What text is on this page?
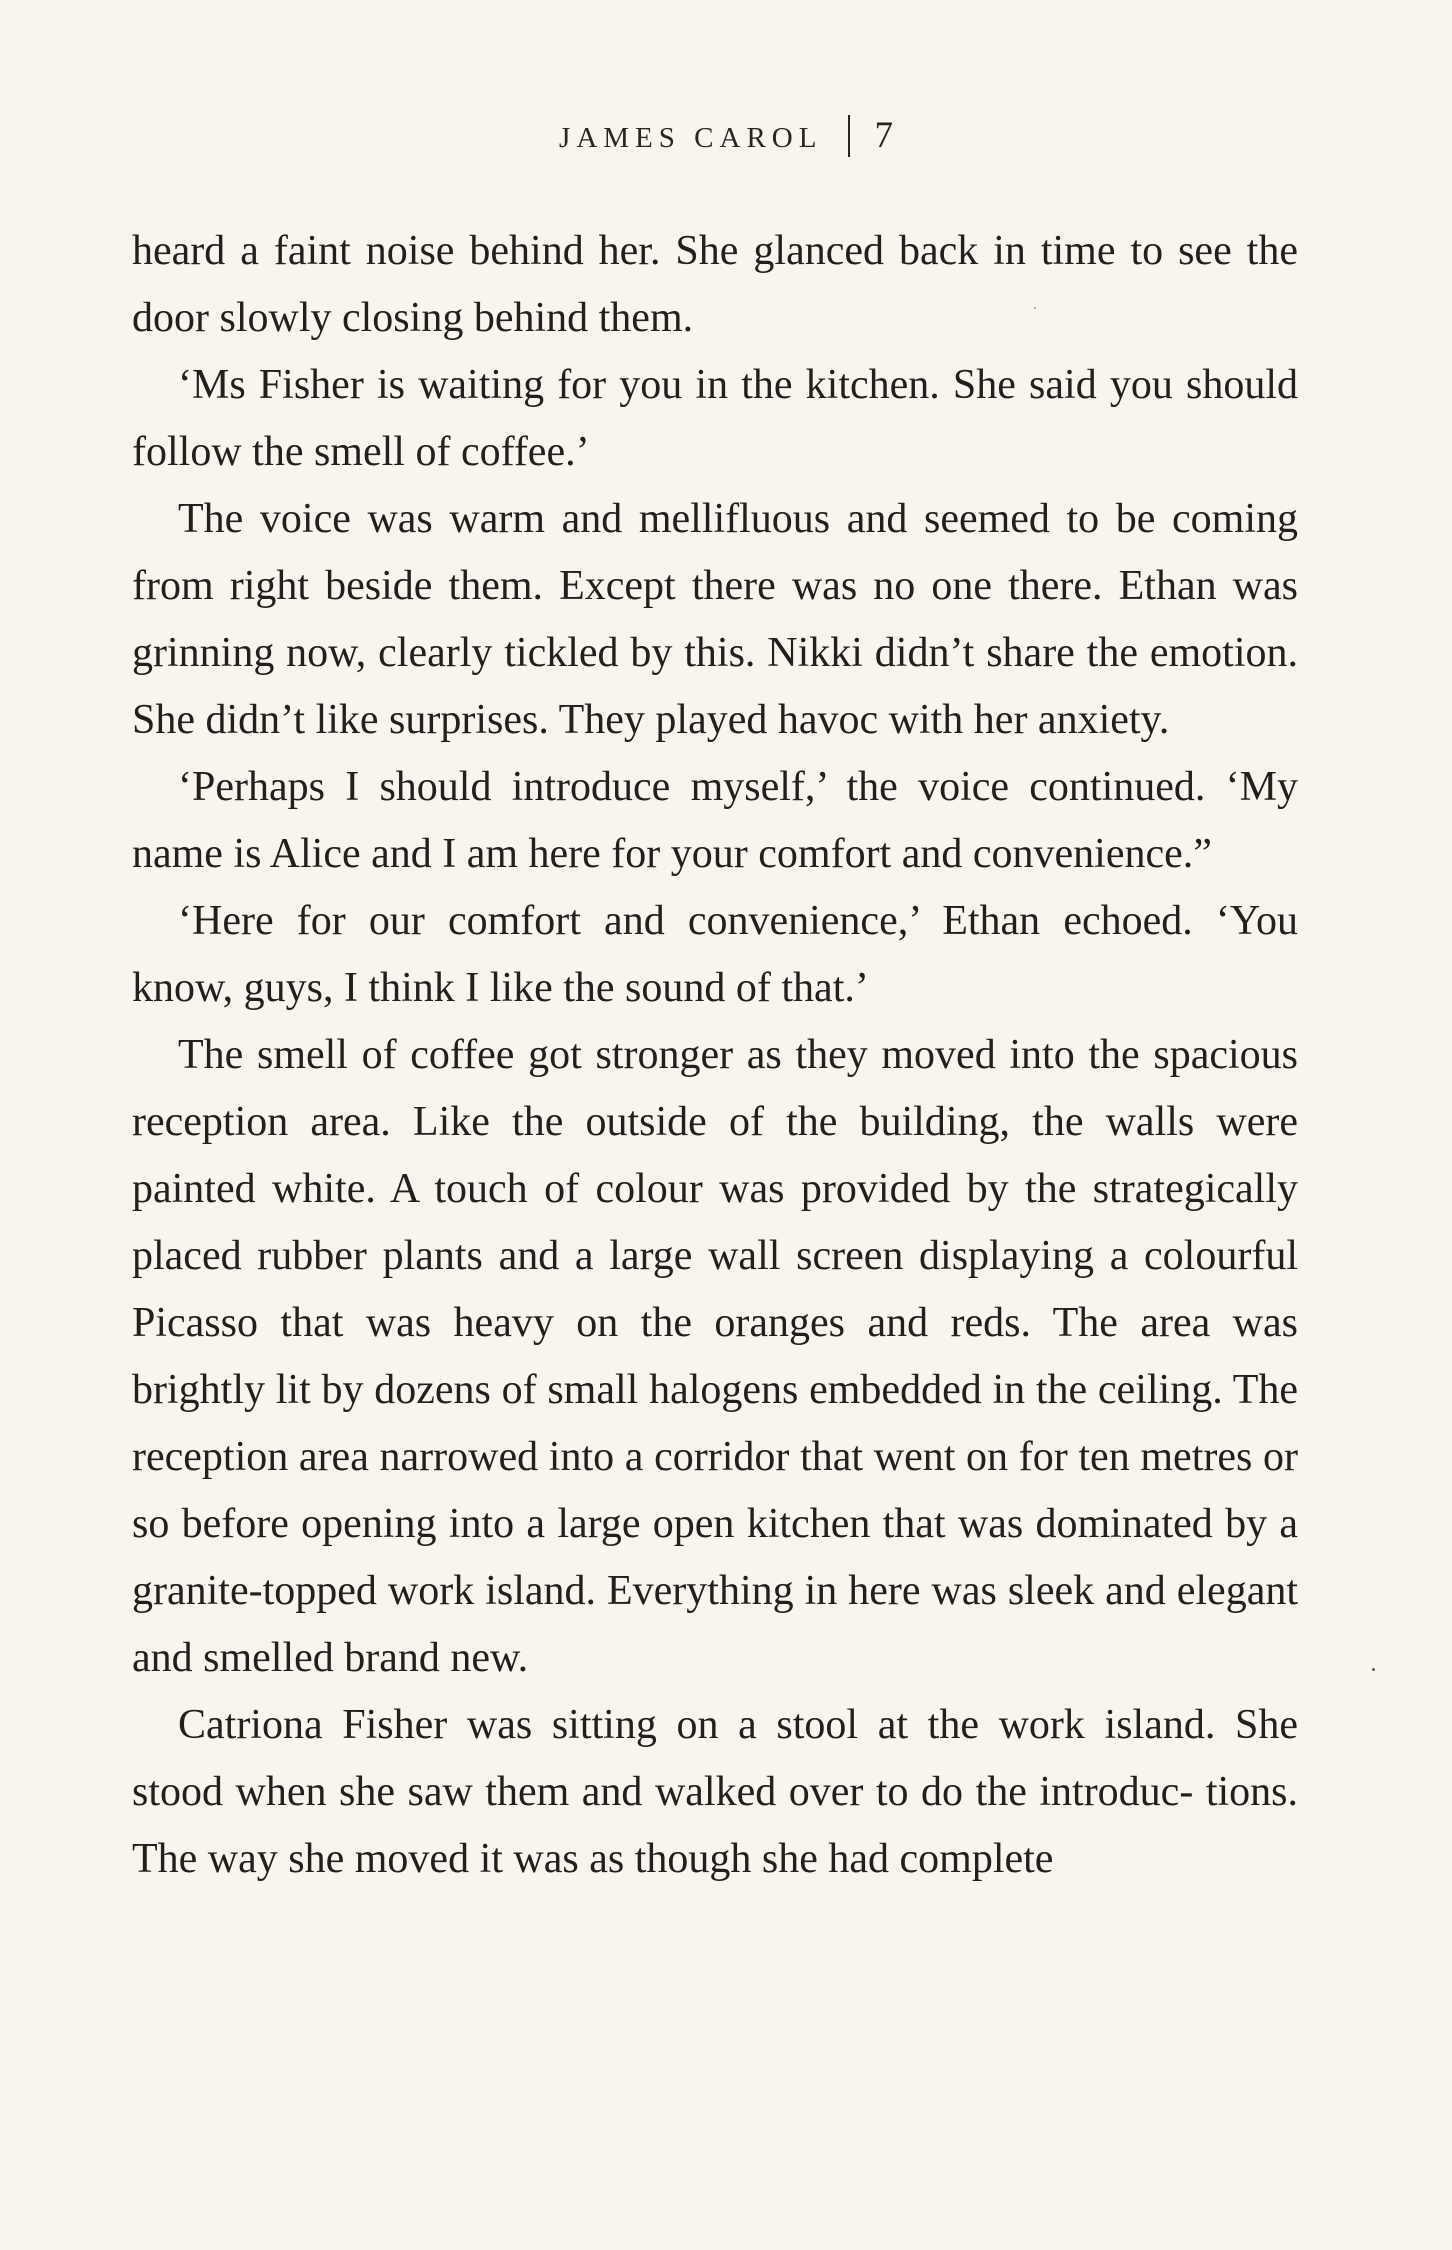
JAMES CAROL 7

heard a faint noise behind her. She glanced back in time to see the door slowly closing behind them.

‘Ms Fisher is waiting for you in the kitchen. She said you should follow the smell of coffee.’

The voice was warm and mellifluous and seemed to be coming from right beside them. Except there was no one there. Ethan was grinning now, clearly tickled by this. Nikki didn’t share the emotion. She didn’t like surprises. They played havoc with her anxiety.

‘Perhaps I should introduce myself,’ the voice continued. ‘My name is Alice and I am here for your comfort and convenience.”

‘Here for our comfort and convenience,’ Ethan echoed. ‘You know, guys, I think I like the sound of that.’

The smell of coffee got stronger as they moved into the spacious reception area. Like the outside of the building, the walls were painted white. A touch of colour was provided by the strategically placed rubber plants and a large wall screen displaying a colourful Picasso that was heavy on the oranges and reds. The area was brightly lit by dozens of small halogens embedded in the ceiling. The reception area narrowed into a corridor that went on for ten metres or so before opening into a large open kitchen that was dominated by a granite-topped work island. Everything in here was sleek and elegant and smelled brand new.

Catriona Fisher was sitting on a stool at the work island. She stood when she saw them and walked over to do the introduc- tions. The way she moved it was as though she had complete
